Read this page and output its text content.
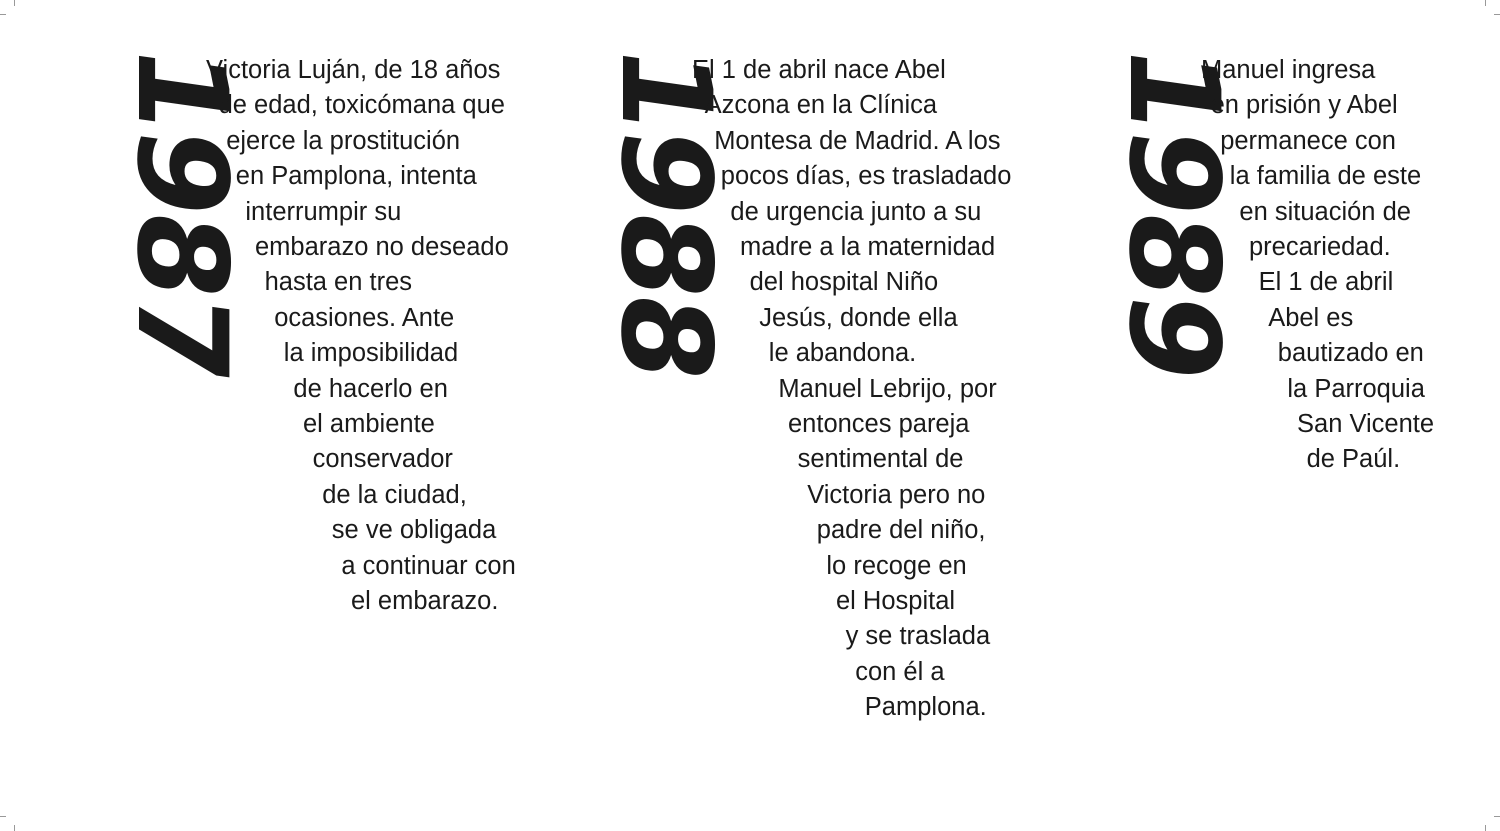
1987
Victoria Luján, de 18 años
de edad, toxicómana que
ejerce la prostitución
en Pamplona, intenta
interrumpir su
embarazo no deseado
hasta en tres
ocasiones. Ante
la imposibilidad
de hacerlo en
el ambiente
conservador
de la ciudad,
se ve obligada
a continuar con
el embarazo.
1988
El 1 de abril nace Abel
Azcona en la Clínica
Montesa de Madrid. A los
pocos días, es trasladado
de urgencia junto a su
madre a la maternidad
del hospital Niño
Jesús, donde ella
le abandona.
Manuel Lebrijo, por
entonces pareja
sentimental de
Victoria pero no
padre del niño,
lo recoge en
el Hospital
y se traslada
con él a
Pamplona.
1989
Manuel ingresa
en prisión y Abel
permanece con
la familia de este
en situación de
precariedad.
El 1 de abril
Abel es
bautizado en
la Parroquia
San Vicente
de Paúl.
